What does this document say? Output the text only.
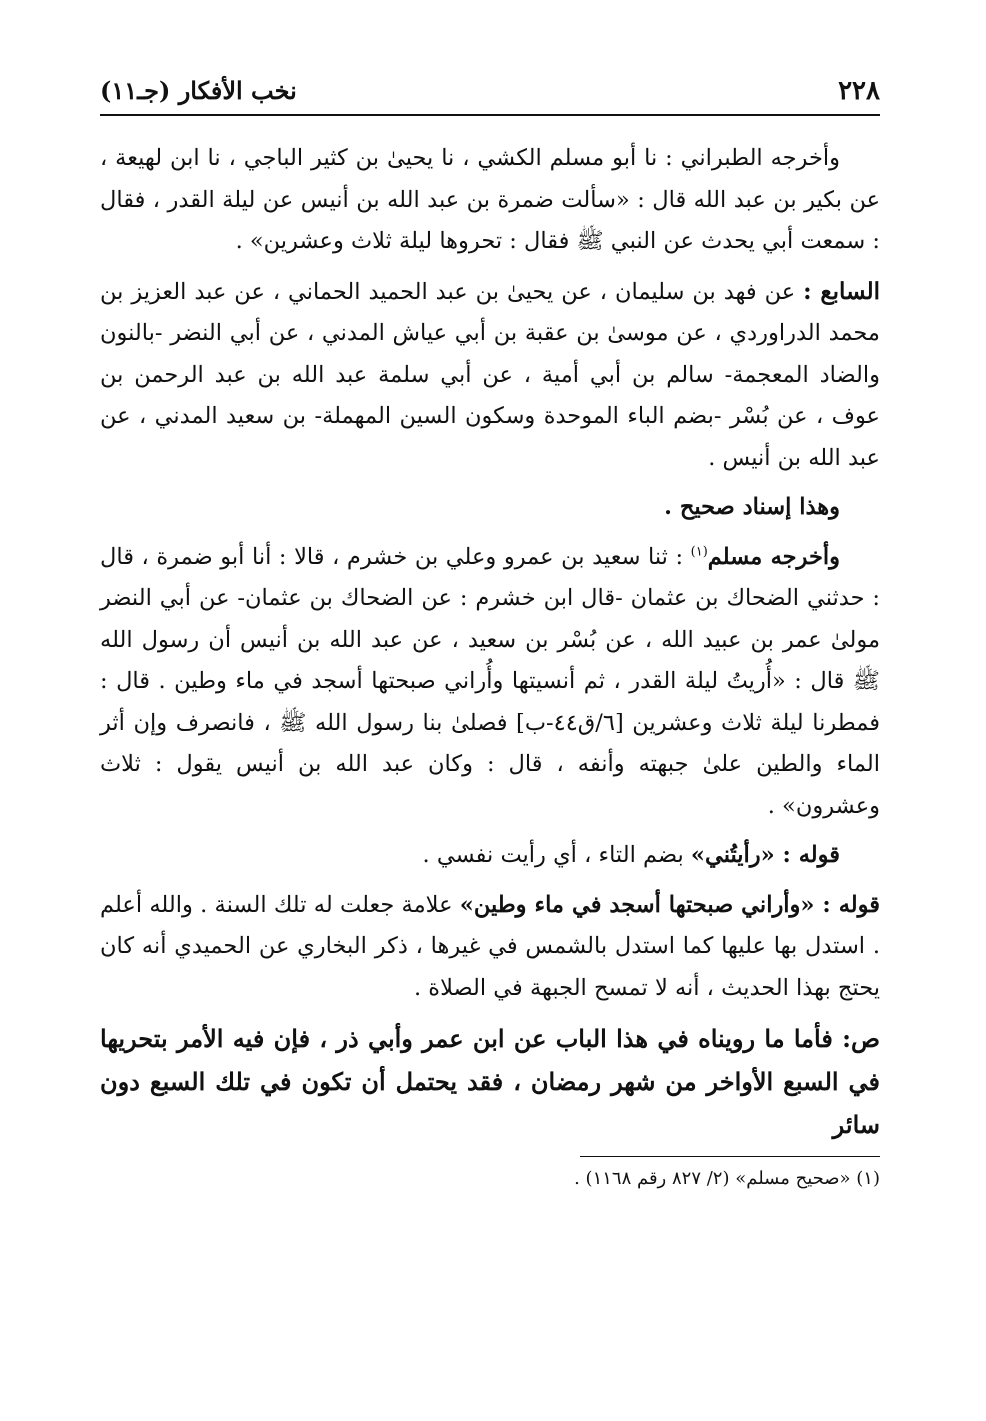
٢٢٨
نخب الأفكار (جـ١١)

وأخرجه الطبراني : نا أبو مسلم الكشي ، نا يحيىٰ بن كثير الباجي ، نا ابن لهيعة ، عن بكير بن عبد الله قال : «سألت ضمرة بن عبد الله بن أنيس عن ليلة القدر ، فقال : سمعت أبي يحدث عن النبي ﷺ فقال : تحروها ليلة ثلاث وعشرين» .

السابع : عن فهد بن سليمان ، عن يحيىٰ بن عبد الحميد الحماني ، عن عبد العزيز بن محمد الدراوردي ، عن موسىٰ بن عقبة بن أبي عياش المدني ، عن أبي النضر -بالنون والضاد المعجمة- سالم بن أبي أمية ، عن أبي سلمة عبد الله بن عبد الرحمن بن عوف ، عن بُسْر -بضم الباء الموحدة وسكون السين المهملة- بن سعيد المدني ، عن عبد الله بن أنيس .

وهذا إسناد صحيح .

وأخرجه مسلم$^{(١)}$ : ثنا سعيد بن عمرو وعلي بن خشرم ، قالا : أنا أبو ضمرة ، قال : حدثني الضحاك بن عثمان -قال ابن خشرم : عن الضحاك بن عثمان- عن أبي النضر مولىٰ عمر بن عبيد الله ، عن بُسْر بن سعيد ، عن عبد الله بن أنيس أن رسول الله ﷺ قال : «أُريتُ ليلة القدر ، ثم أنسيتها وأُراني صبحتها أسجد في ماء وطين . قال : فمطرنا ليلة ثلاث وعشرين [٦/ق٤٤-ب] فصلىٰ بنا رسول الله ﷺ ، فانصرف وإن أثر الماء والطين علىٰ جبهته وأنفه ، قال : وكان عبد الله بن أنيس يقول : ثلاث وعشرون» .

قوله : «رأيتُني» بضم التاء ، أي رأيت نفسي .

قوله : «وأراني صبحتها أسجد في ماء وطين» علامة جعلت له تلك السنة . والله أعلم . استدل بها عليها كما استدل بالشمس في غيرها ، ذكر البخاري عن الحميدي أنه كان يحتج بهذا الحديث ، أنه لا تمسح الجبهة في الصلاة .

ص: فأما ما رويناه في هذا الباب عن ابن عمر وأبي ذر ، فإن فيه الأمر بتحريها في السبع الأواخر من شهر رمضان ، فقد يحتمل أن تكون في تلك السبع دون سائر

(١) «صحيح مسلم» (٢/ ٨٢٧ رقم ١١٦٨) .
